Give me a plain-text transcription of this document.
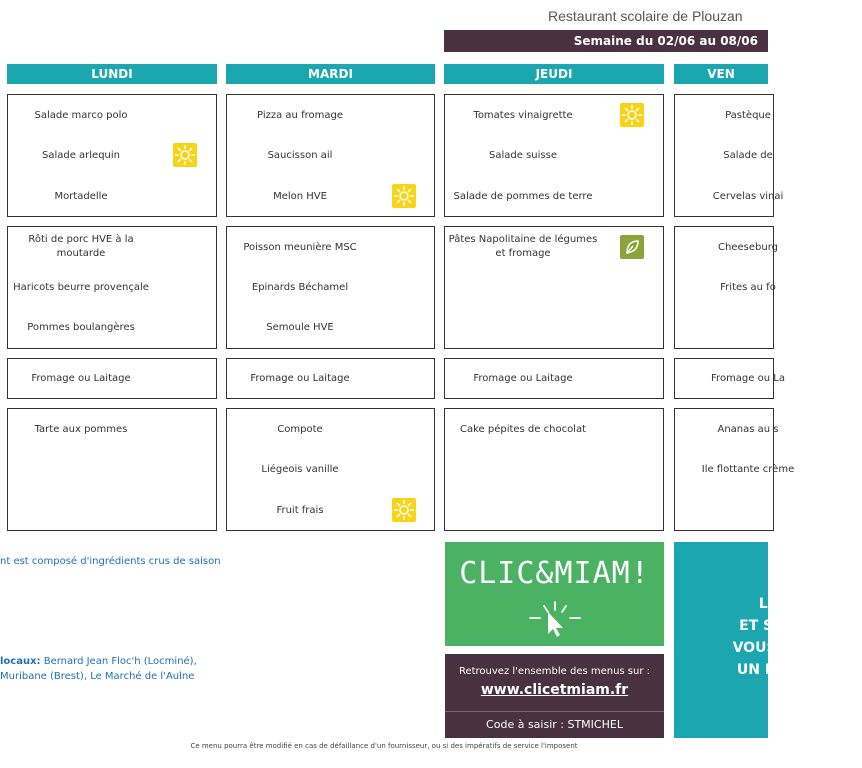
Restaurant scolaire de Plouzan
Semaine du 02/06 au 08/06
LUNDI	MARDI	JEUDI	VEN
Salade marco polo
Salade arlequin
Mortadelle
Rôti de porc HVE à la
moutarde
Haricots beurre provençale
Pommes boulangères
Fromage ou Laitage
Tarte aux pommes
Pizza au fromage
Saucisson ail
Melon HVE
Poisson meunière MSC
Epinards Béchamel
Semoule HVE
Fromage ou Laitage
Compote
Liégeois vanille
Fruit frais
Tomates vinaigrette
Salade suisse
Salade de pommes de terre
Pâtes Napolitaine de légumes
et fromage
Fromage ou Laitage
Cake pépites de chocolat
Pastèque
Salade de
Cervelas vinai
Cheeseburg
Frites au fo
Fromage ou La
Ananas au s
Ile flottante crème
nt est composé d'ingrédients crus de saison
locaux: Bernard Jean Floc'h (Locminé),
Muribane (Brest), Le Marché de l'Aulne
CLIC&MIAM!
Retrouvez l'ensemble des menus sur :
www.clicetmiam.fr
Code à saisir : STMICHEL
LE
ET SON
VOUS SO
UN BON
Ce menu pourra être modifié en cas de défaillance d'un fournisseur, ou si des impératifs de service l'imposent
